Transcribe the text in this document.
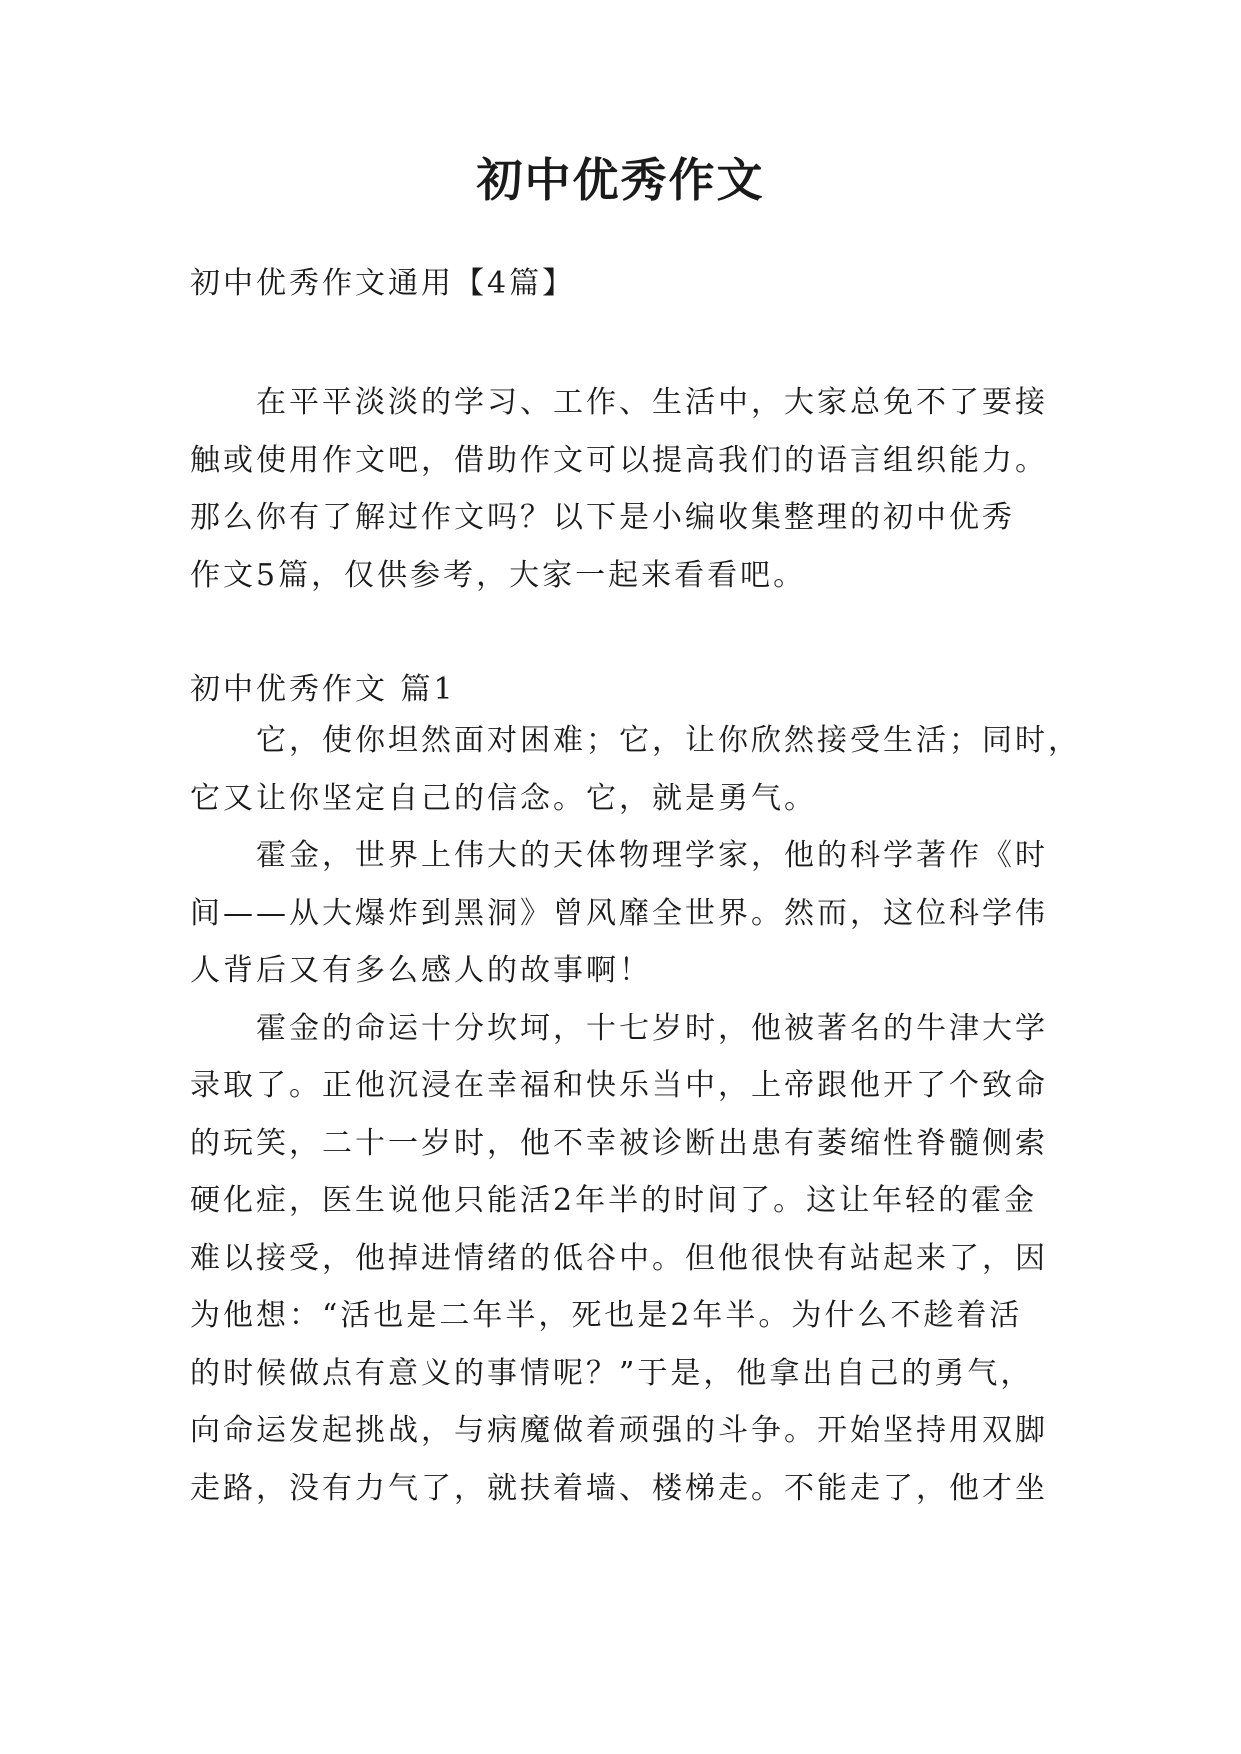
初中优秀作文
初中优秀作文通用【4篇】
在平平淡淡的学习、工作、生活中，大家总免不了要接
触或使用作文吧，借助作文可以提高我们的语言组织能力。
那么你有了解过作文吗？以下是小编收集整理的初中优秀
作文5篇，仅供参考，大家一起来看看吧。
初中优秀作文 篇1
它，使你坦然面对困难；它，让你欣然接受生活；同时，
它又让你坚定自己的信念。它，就是勇气。
霍金，世界上伟大的天体物理学家，他的科学著作《时
间——从大爆炸到黑洞》曾风靡全世界。然而，这位科学伟
人背后又有多么感人的故事啊！
霍金的命运十分坎坷，十七岁时，他被著名的牛津大学
录取了。正他沉浸在幸福和快乐当中，上帝跟他开了个致命
的玩笑，二十一岁时，他不幸被诊断出患有萎缩性脊髓侧索
硬化症，医生说他只能活2年半的时间了。这让年轻的霍金
难以接受，他掉进情绪的低谷中。但他很快有站起来了，因
为他想：“活也是二年半，死也是2年半。为什么不趁着活
的时候做点有意义的事情呢？”于是，他拿出自己的勇气，
向命运发起挑战，与病魔做着顽强的斗争。开始坚持用双脚
走路，没有力气了，就扶着墙、楼梯走。不能走了，他才坐
